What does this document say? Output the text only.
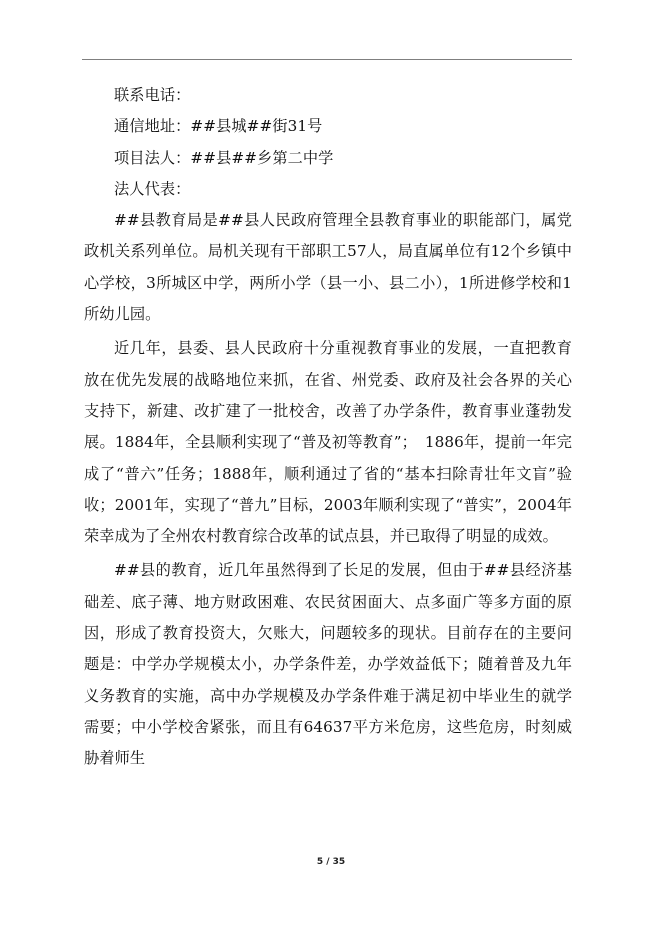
联系电话：

通信地址：##县城##街31号

项目法人：##县##乡第二中学

法人代表：

##县教育局是##县人民政府管理全县教育事业的职能部门，属党政机关系列单位。局机关现有干部职工57人，局直属单位有12个乡镇中心学校，3所城区中学，两所小学（县一小、县二小），1所进修学校和1所幼儿园。

近几年，县委、县人民政府十分重视教育事业的发展，一直把教育放在优先发展的战略地位来抓，在省、州党委、政府及社会各界的关心支持下，新建、改扩建了一批校舍，改善了办学条件，教育事业蓬勃发展。1884年，全县顺利实现了“普及初等教育”；　1886年，提前一年完成了“普六”任务；1888年，顺利通过了省的“基本扫除青壮年文盲”验收；2001年，实现了“普九”目标，2003年顺利实现了“普实”，2004年荣幸成为了全州农村教育综合改革的试点县，并已取得了明显的成效。

##县的教育，近几年虽然得到了长足的发展，但由于##县经济基础差、底子薄、地方财政困难、农民贫困面大、点多面广等多方面的原因，形成了教育投资大，欠账大，问题较多的现状。目前存在的主要问题是：中学办学规模太小，办学条件差，办学效益低下；随着普及九年义务教育的实施，高中办学规模及办学条件难于满足初中毕业生的就学需要；中小学校舍紧张，而且有64637平方米危房，这些危房，时刻威胁着师生

5 / 35
